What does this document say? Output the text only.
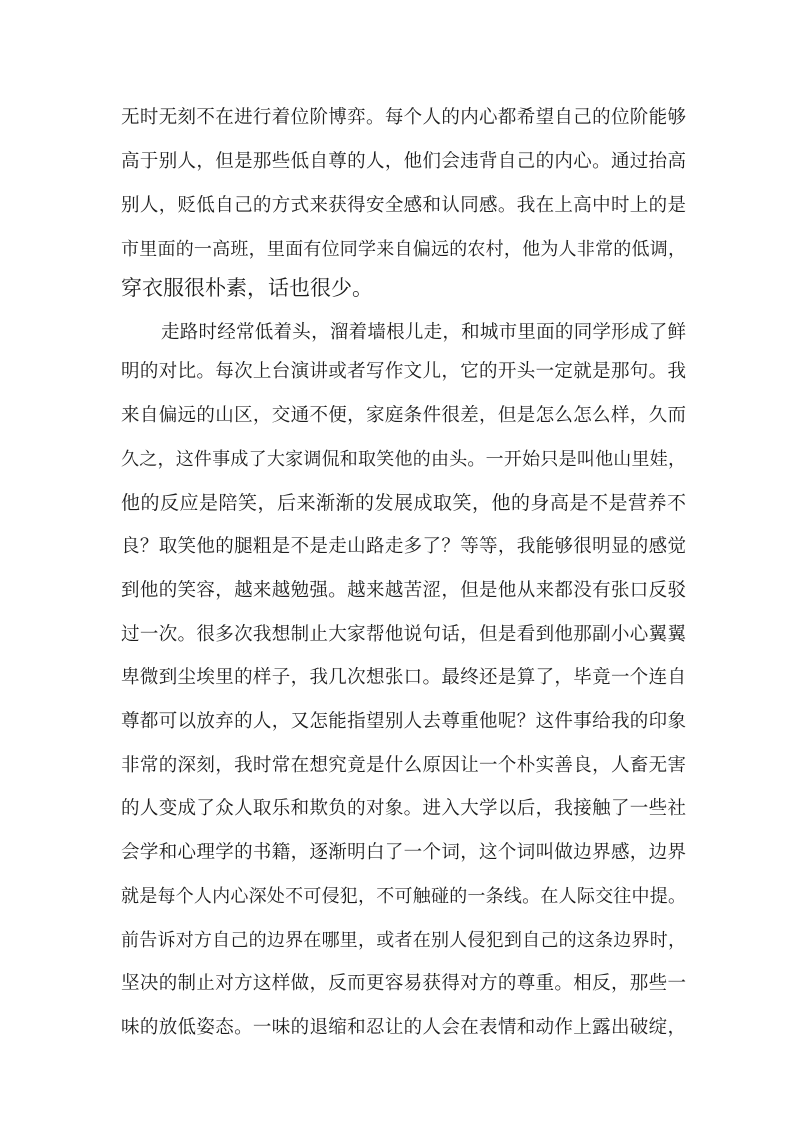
无时无刻不在进行着位阶博弈。每个人的内心都希望自己的位阶能够
高于别人，但是那些低自尊的人，他们会违背自己的内心。通过抬高
别人，贬低自己的方式来获得安全感和认同感。我在上高中时上的是
市里面的一高班，里面有位同学来自偏远的农村，他为人非常的低调，
穿衣服很朴素，话也很少。
走路时经常低着头，溜着墙根儿走，和城市里面的同学形成了鲜
明的对比。每次上台演讲或者写作文儿，它的开头一定就是那句。我
来自偏远的山区，交通不便，家庭条件很差，但是怎么怎么样，久而
久之，这件事成了大家调侃和取笑他的由头。一开始只是叫他山里娃，
他的反应是陪笑，后来渐渐的发展成取笑，他的身高是不是营养不
良？取笑他的腿粗是不是走山路走多了？等等，我能够很明显的感觉
到他的笑容，越来越勉强。越来越苦涩，但是他从来都没有张口反驳
过一次。很多次我想制止大家帮他说句话，但是看到他那副小心翼翼
卑微到尘埃里的样子，我几次想张口。最终还是算了，毕竟一个连自
尊都可以放弃的人，又怎能指望别人去尊重他呢？这件事给我的印象
非常的深刻，我时常在想究竟是什么原因让一个朴实善良，人畜无害
的人变成了众人取乐和欺负的对象。进入大学以后，我接触了一些社
会学和心理学的书籍，逐渐明白了一个词，这个词叫做边界感，边界
就是每个人内心深处不可侵犯，不可触碰的一条线。在人际交往中提。
前告诉对方自己的边界在哪里，或者在别人侵犯到自己的这条边界时，
坚决的制止对方这样做，反而更容易获得对方的尊重。相反，那些一
味的放低姿态。一味的退缩和忍让的人会在表情和动作上露出破绽，
